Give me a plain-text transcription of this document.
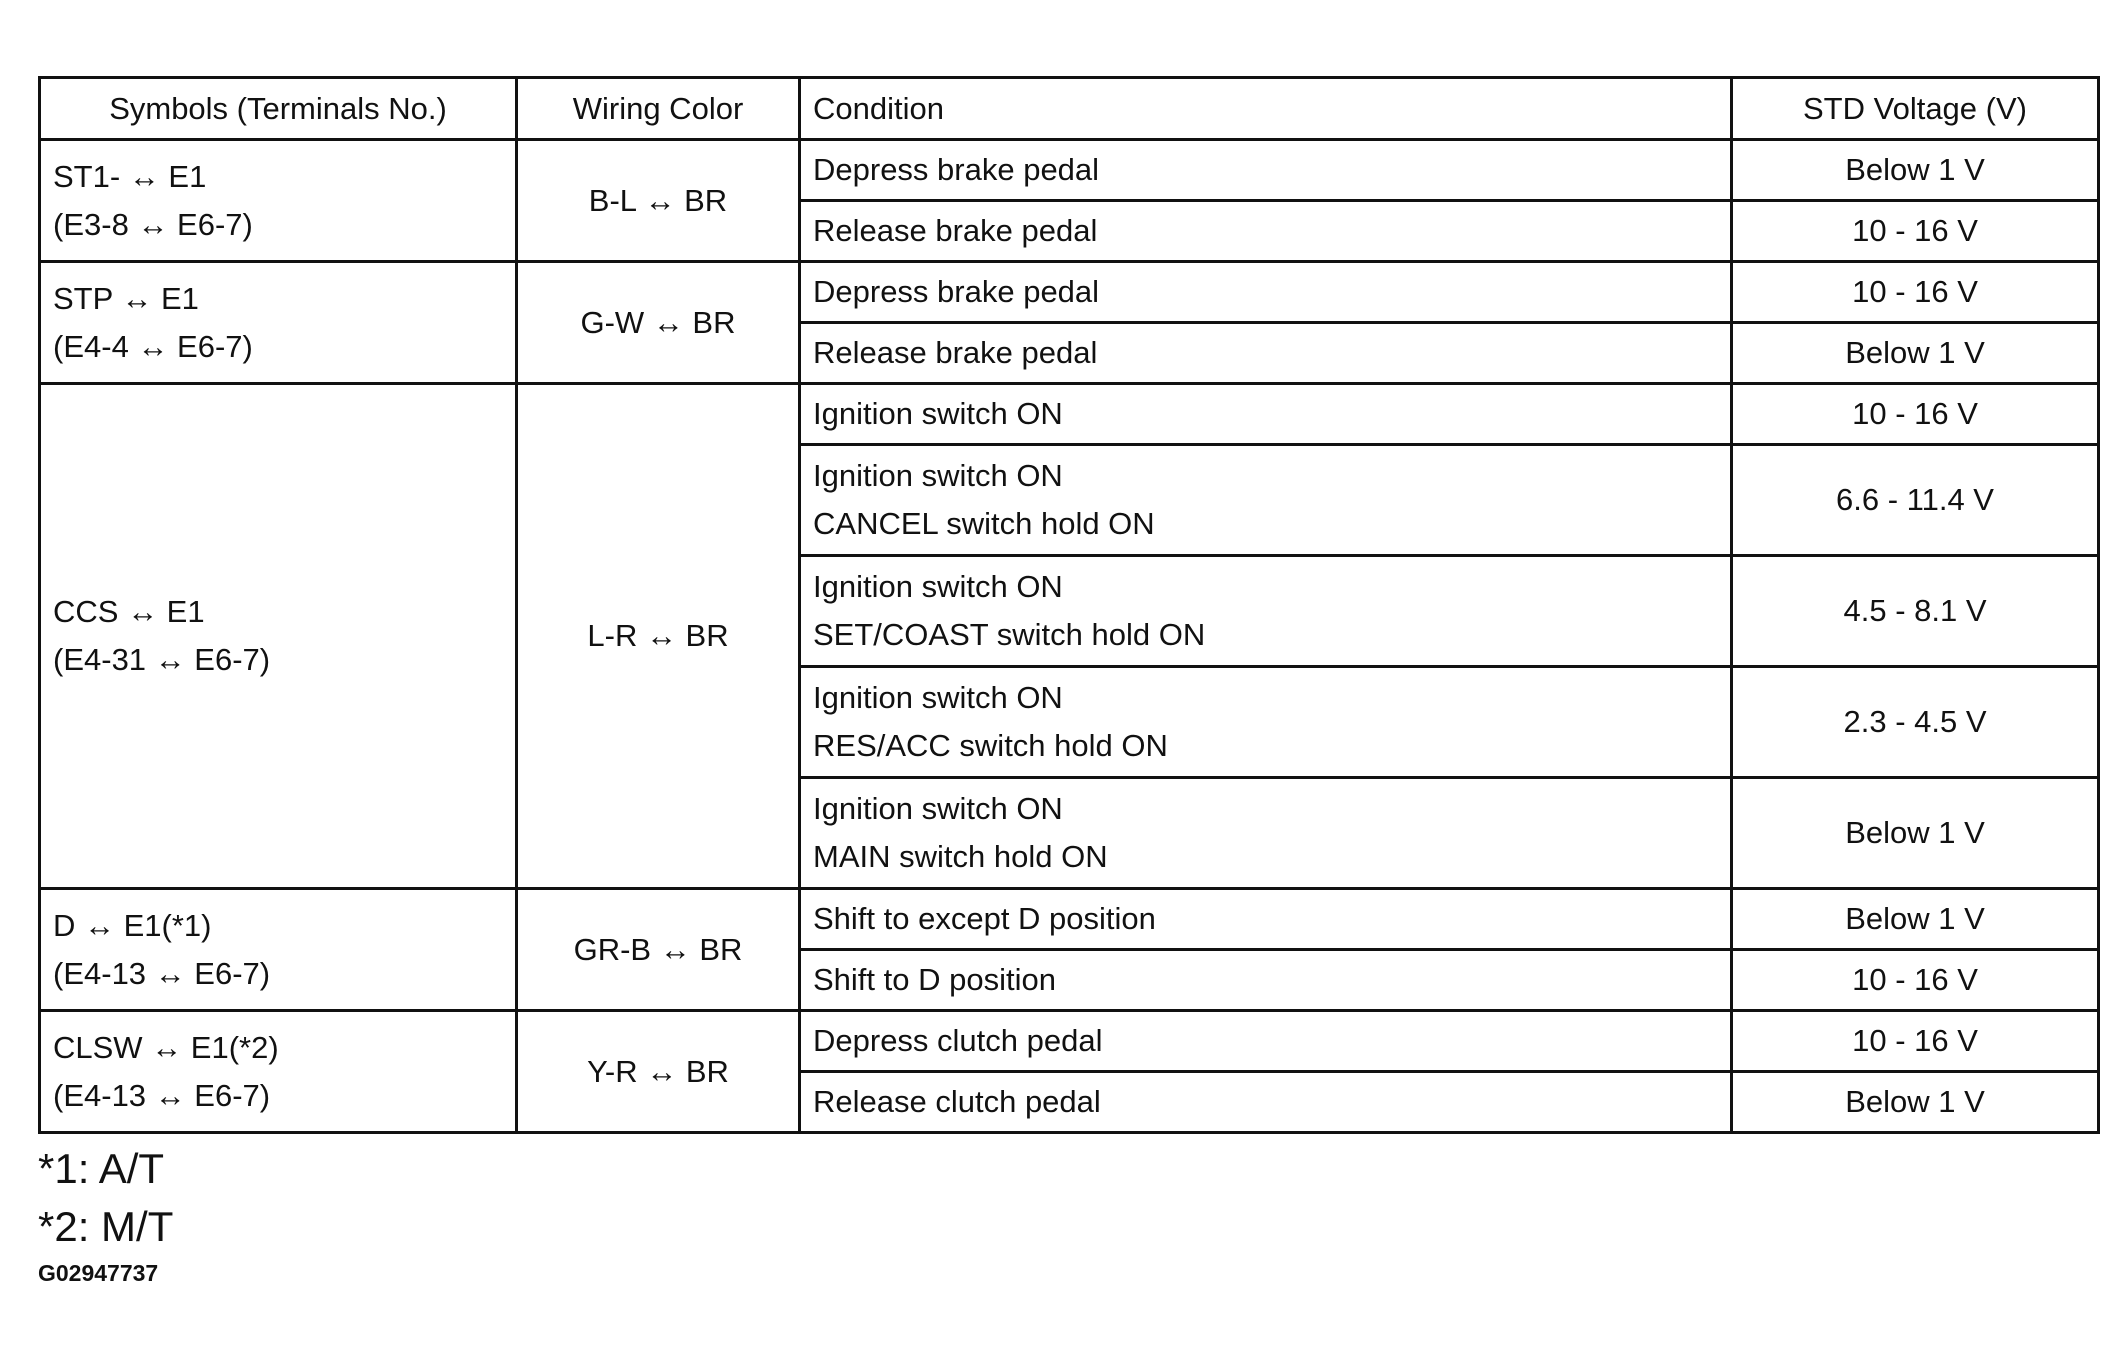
Symbols (Terminals No.)	Wiring Color	Condition	STD Voltage (V)

ST1- ↔ E1
(E3-8 ↔ E6-7)	B-L ↔ BR	Depress brake pedal	Below 1 V

		Release brake pedal	10 - 16 V

STP ↔ E1
(E4-4 ↔ E6-7)	G-W ↔ BR	Depress brake pedal	10 - 16 V

		Release brake pedal	Below 1 V

CCS ↔ E1
(E4-31 ↔ E6-7)	L-R ↔ BR	Ignition switch ON	10 - 16 V

		Ignition switch ON
CANCEL switch hold ON	6.6 - 11.4 V

		Ignition switch ON
SET/COAST switch hold ON	4.5 - 8.1 V

		Ignition switch ON
RES/ACC switch hold ON	2.3 - 4.5 V

		Ignition switch ON
MAIN switch hold ON	Below 1 V

D ↔ E1(*1)
(E4-13 ↔ E6-7)	GR-B ↔ BR	Shift to except D position	Below 1 V

		Shift to D position	10 - 16 V

CLSW ↔ E1(*2)
(E4-13 ↔ E6-7)	Y-R ↔ BR	Depress clutch pedal	10 - 16 V

		Release clutch pedal	Below 1 V
*1: A/T
*2: M/T
G02947737
